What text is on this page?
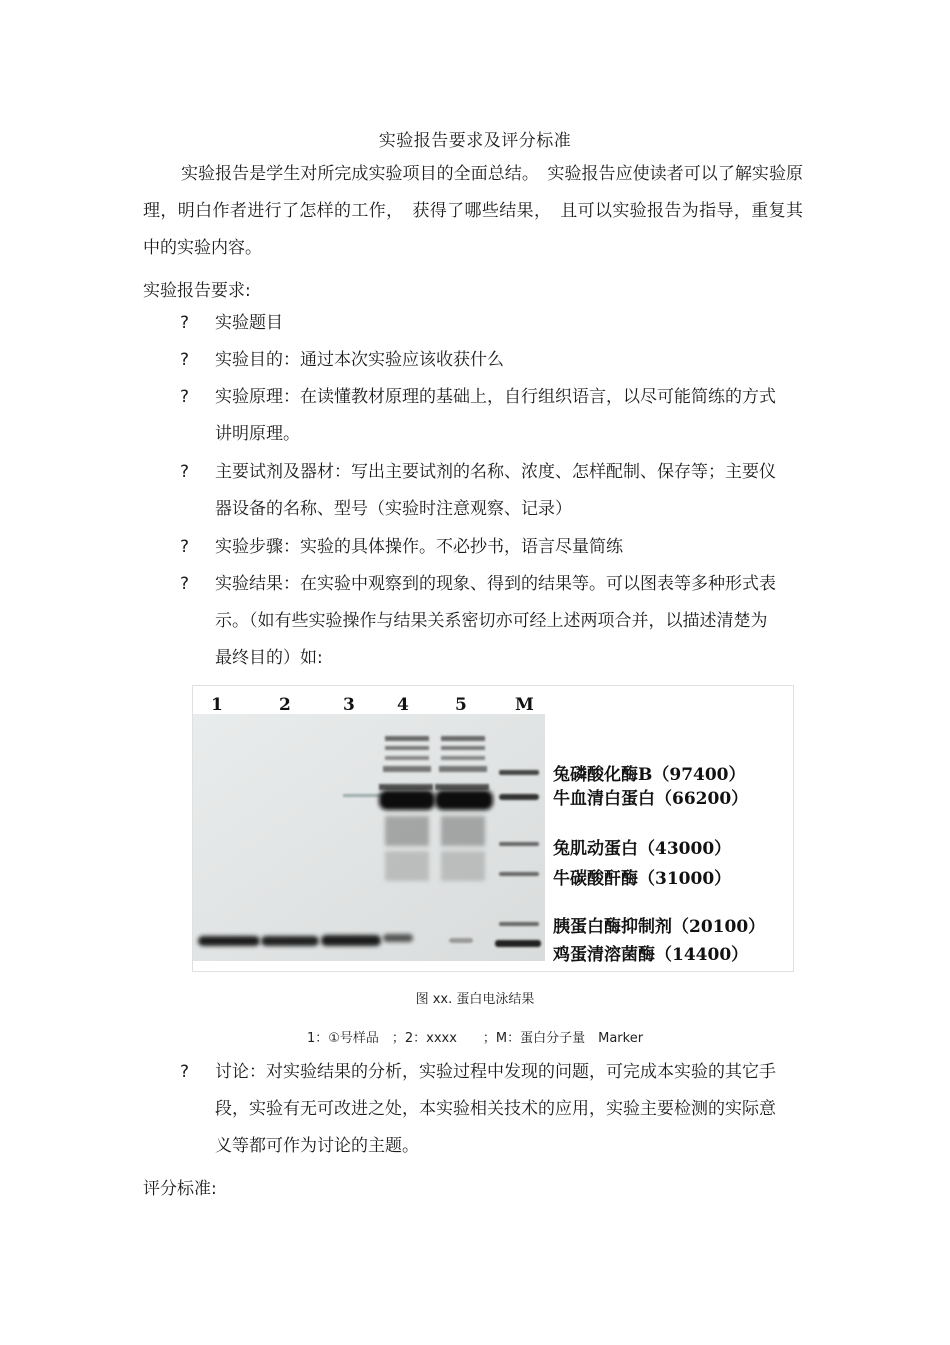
实验报告要求及评分标准
实验报告是学生对所完成实验项目的全面总结。　实验报告应使读者可以了解实验原理，明白作者进行了怎样的工作，　获得了哪些结果，　且可以实验报告为指导，重复其中的实验内容。
实验报告要求:
?	实验题目
?	实验目的：通过本次实验应该收获什么
?	实验原理：在读懂教材原理的基础上，自行组织语言，以尽可能简练的方式讲明原理。
?	主要试剂及器材：写出主要试剂的名称、浓度、怎样配制、保存等；主要仪器设备的名称、型号（实验时注意观察、记录）
?	实验步骤：实验的具体操作。不必抄书，语言尽量简练
?	实验结果：在实验中观察到的现象、得到的结果等。可以图表等多种形式表示。（如有些实验操作与结果关系密切亦可经上述两项合并，以描述清楚为最终目的）如:
1	2	3 4	5	M
兔磷酸化酶B（97400）
牛血清白蛋白（66200）
兔肌动蛋白（43000）
牛碳酸酐酶（31000）
胰蛋白酶抑制剂（20100）
鸡蛋清溶菌酶（14400）
图 xx. 蛋白电泳结果
1：①号样品　；2：xxxx　　；M：蛋白分子量　Marker
?	讨论：对实验结果的分析，实验过程中发现的问题，可完成本实验的其它手段，实验有无可改进之处，本实验相关技术的应用，实验主要检测的实际意义等都可作为讨论的主题。
评分标准:
